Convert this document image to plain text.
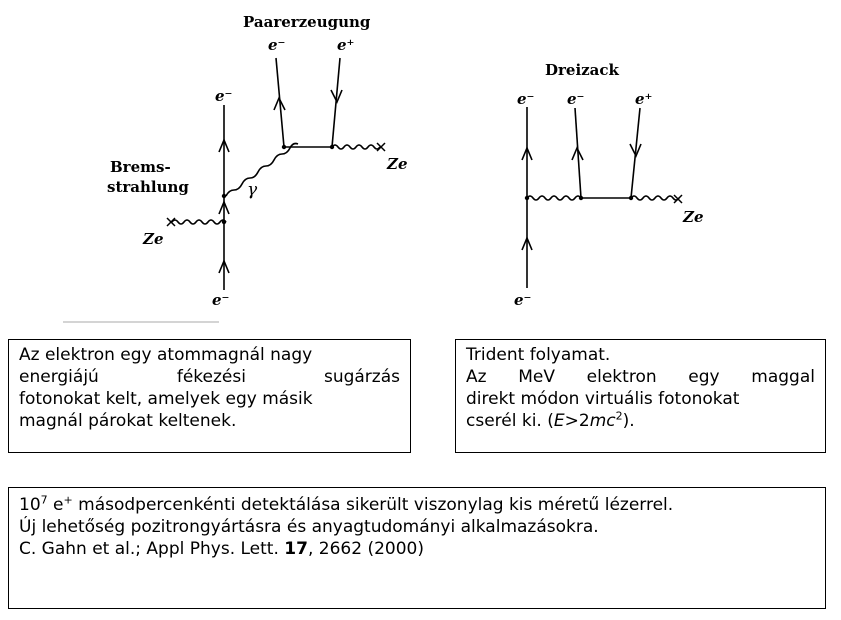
Paarerzeugung
e⁻	e⁺
e⁻
e⁻
Brems-
strahlung	γ
Ze
Ze
Dreizack
e⁻ e⁻	e⁺
e⁻
Ze

Az elektron egy atommagnál nagy

energiájú fékezési sugárzás

fotonokat kelt, amelyek egy másik

magnál párokat keltenek.

Trident folyamat.

Az MeV elektron egy maggal

direkt módon virtuális fotonokat

cserél ki. $(E>2mc^2)$.

$10^7$ e+ másodpercenkénti detektálása sikerült viszonylag kis méretű lézerrel.

Új lehetőség pozitrongyártásra és anyagtudományi alkalmazásokra.

C. Gahn et al.; Appl Phys. Lett. 17, 2662 (2000)
